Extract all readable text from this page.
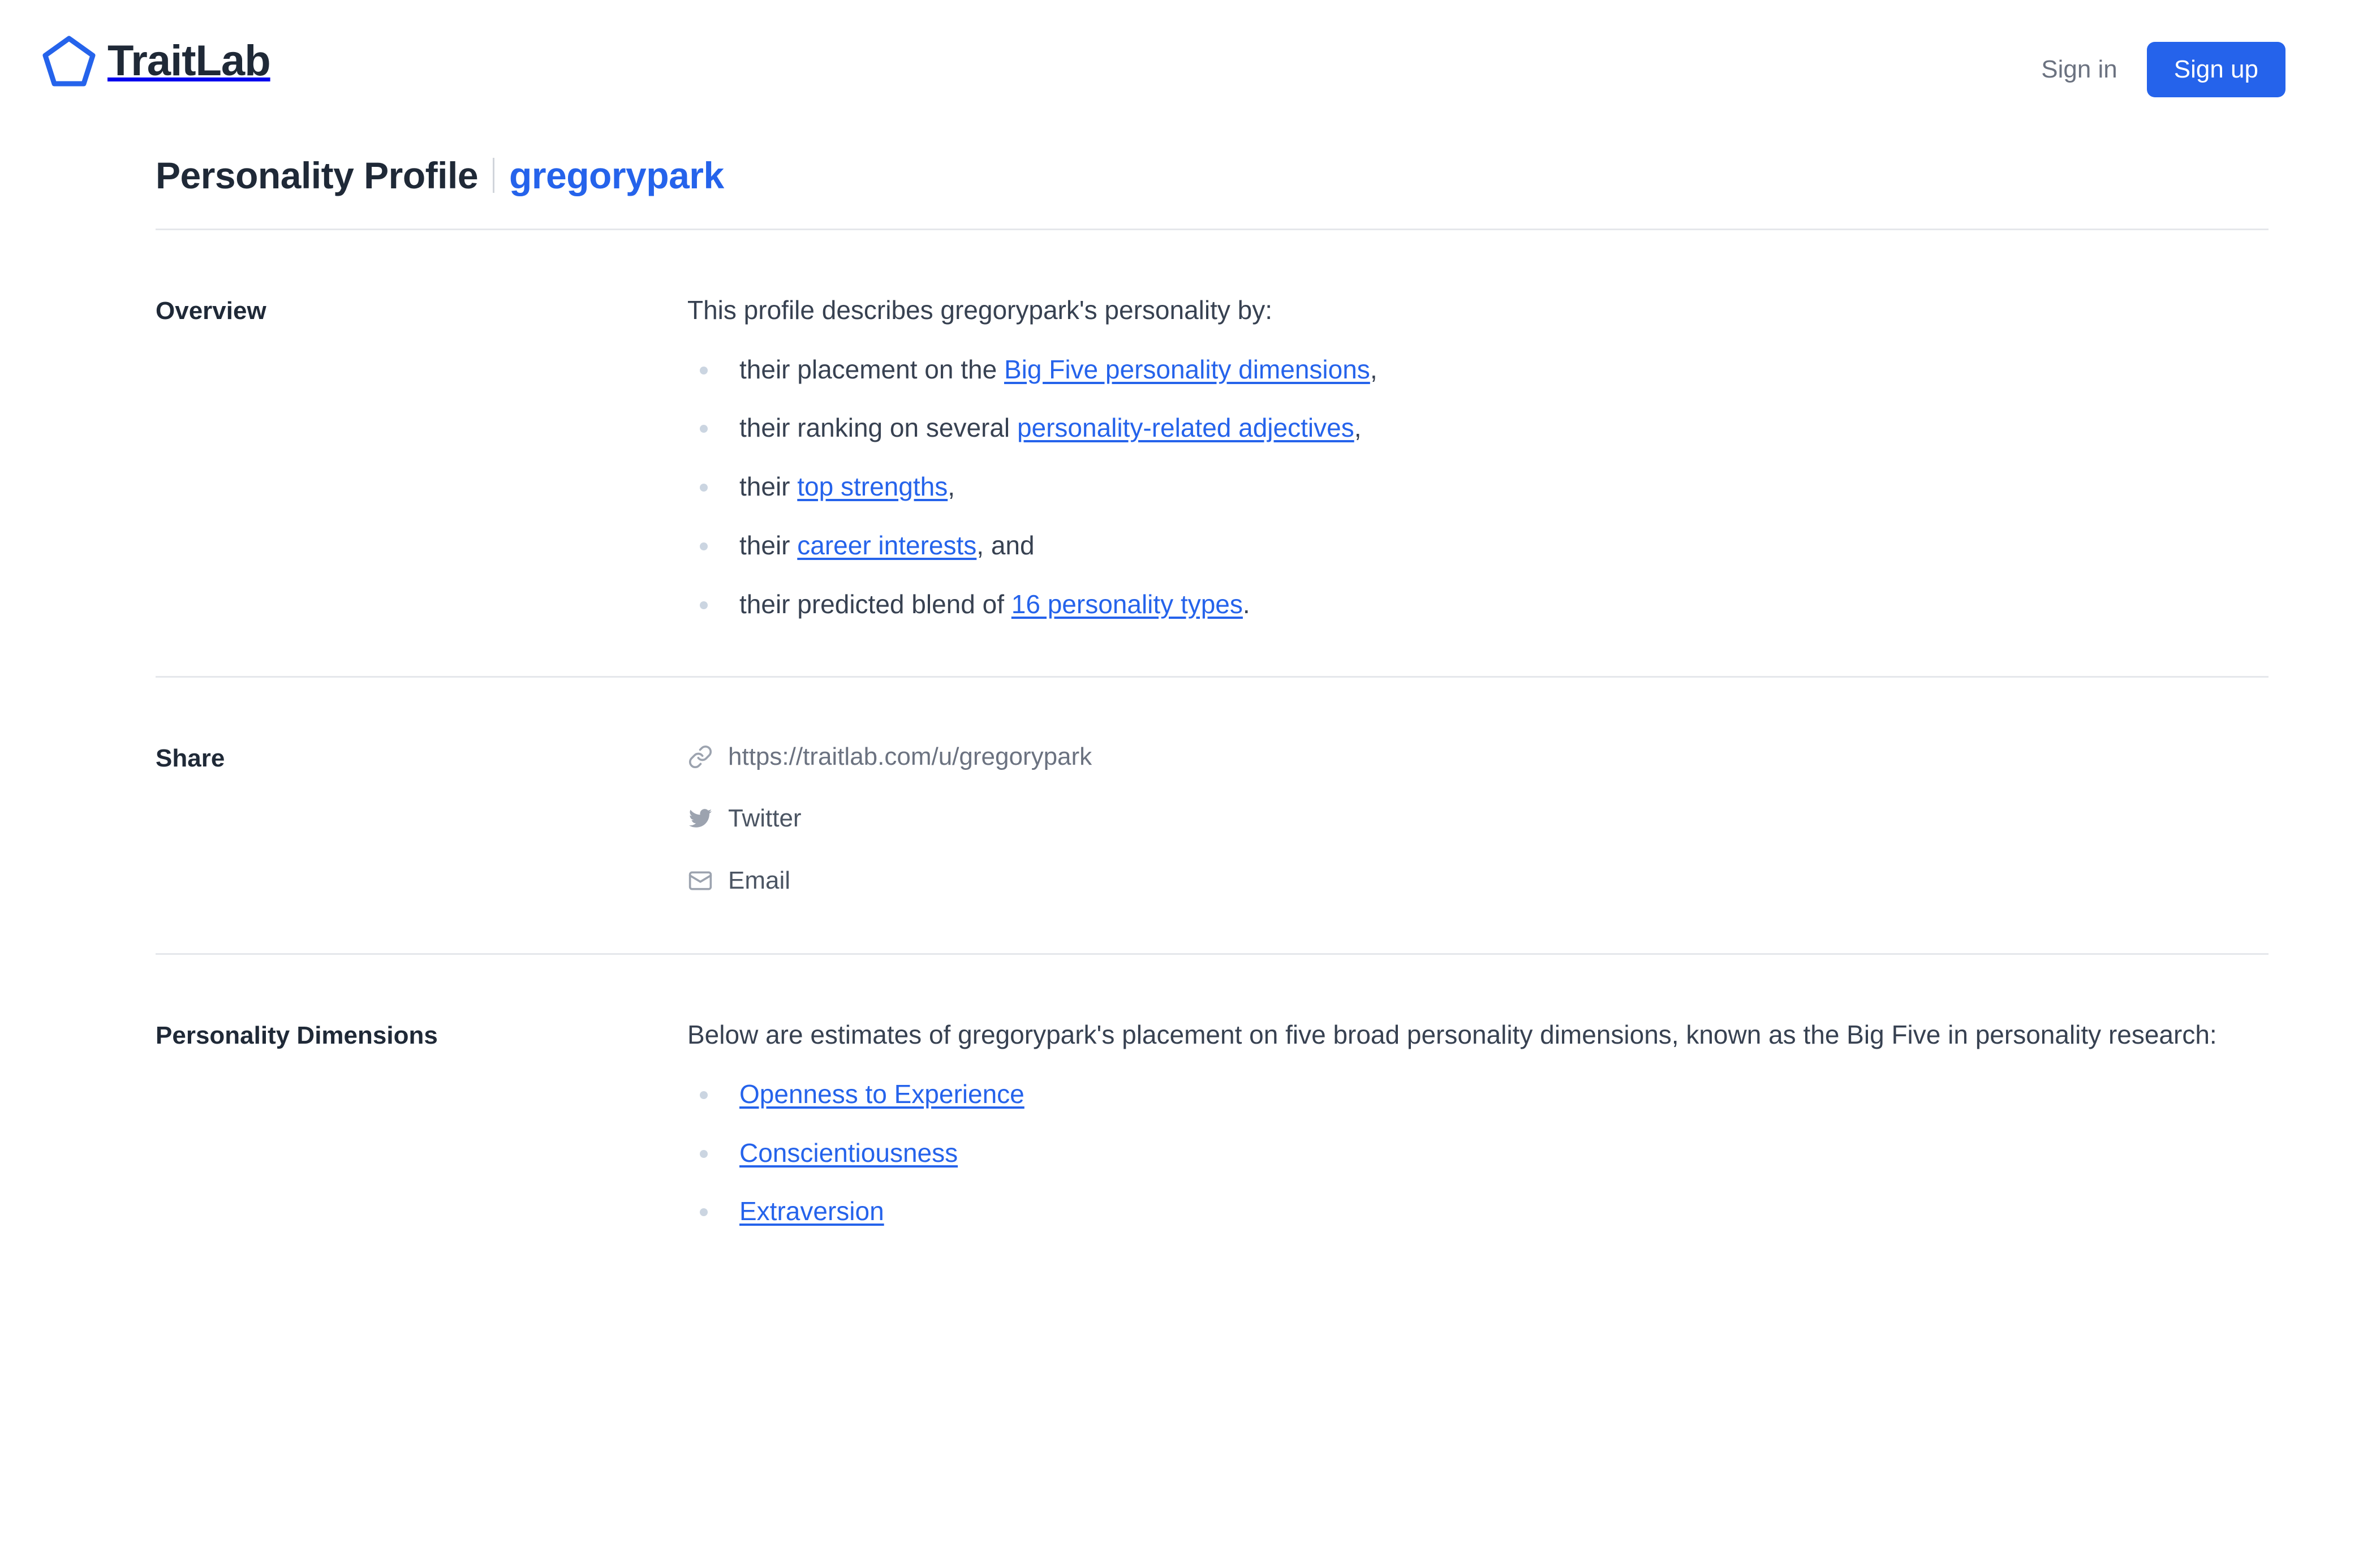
TraitLab	Sign in	Sign up
Personality Profile gregorypark
Overview	This profile describes gregorypark's personality by:

their placement on the Big Five personality dimensions,
their ranking on several personality-related adjectives,
their top strengths,
their career interests, and
their predicted blend of 16 personality types.
Share	https://traitlab.com/u/gregorypark
Twitter
Email
Personality Dimensions	Below are estimates of gregorypark's placement on five broad personality dimensions, known as the Big Five in personality research:

Openness to Experience
Conscientiousness
Extraversion
